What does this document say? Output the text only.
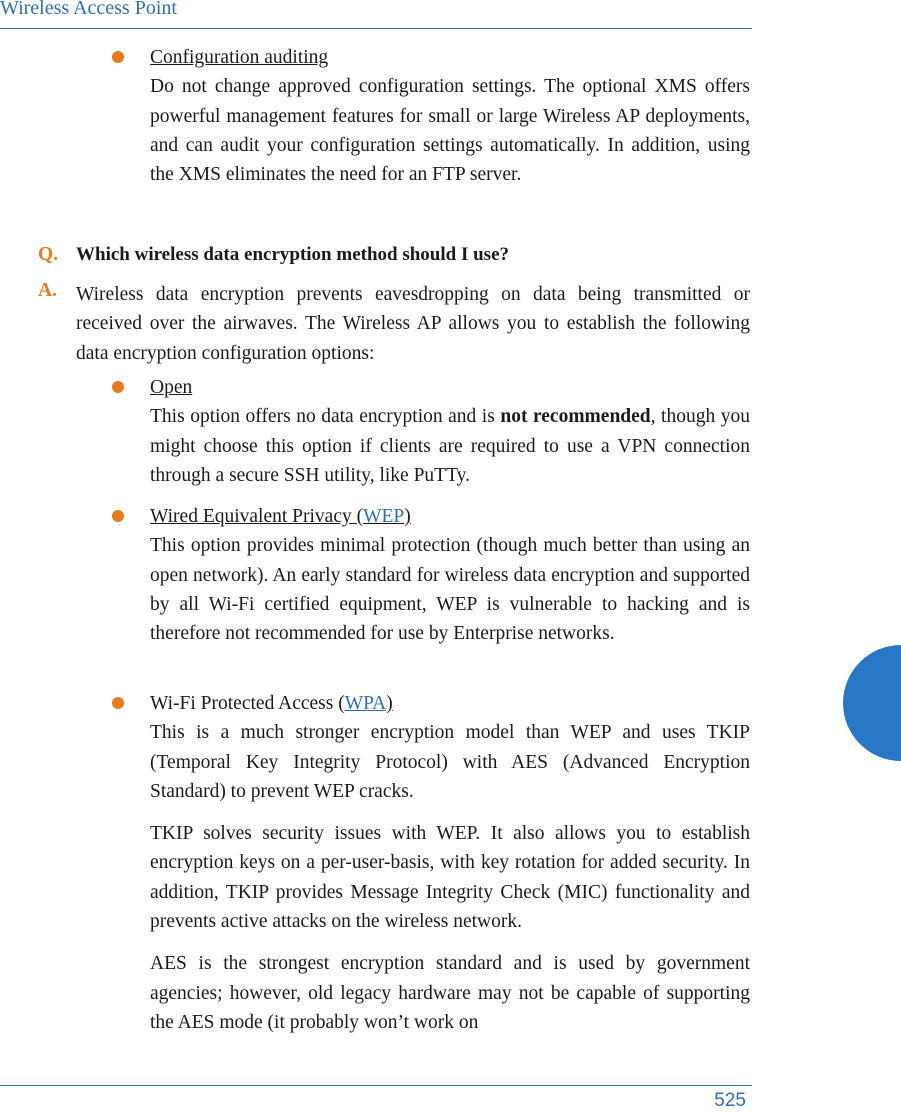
Wireless Access Point
Configuration auditing
Do not change approved configuration settings. The optional XMS offers powerful management features for small or large Wireless AP deployments, and can audit your configuration settings automatically. In addition, using the XMS eliminates the need for an FTP server.
Q. Which wireless data encryption method should I use?
A. Wireless data encryption prevents eavesdropping on data being transmitted or received over the airwaves. The Wireless AP allows you to establish the following data encryption configuration options:
Open
This option offers no data encryption and is not recommended, though you might choose this option if clients are required to use a VPN connection through a secure SSH utility, like PuTTy.
Wired Equivalent Privacy (WEP)
This option provides minimal protection (though much better than using an open network). An early standard for wireless data encryption and supported by all Wi-Fi certified equipment, WEP is vulnerable to hacking and is therefore not recommended for use by Enterprise networks.
Wi-Fi Protected Access (WPA)
This is a much stronger encryption model than WEP and uses TKIP (Temporal Key Integrity Protocol) with AES (Advanced Encryption Standard) to prevent WEP cracks.
TKIP solves security issues with WEP. It also allows you to establish encryption keys on a per-user-basis, with key rotation for added security. In addition, TKIP provides Message Integrity Check (MIC) functionality and prevents active attacks on the wireless network.
AES is the strongest encryption standard and is used by government agencies; however, old legacy hardware may not be capable of supporting the AES mode (it probably won’t work on
525
